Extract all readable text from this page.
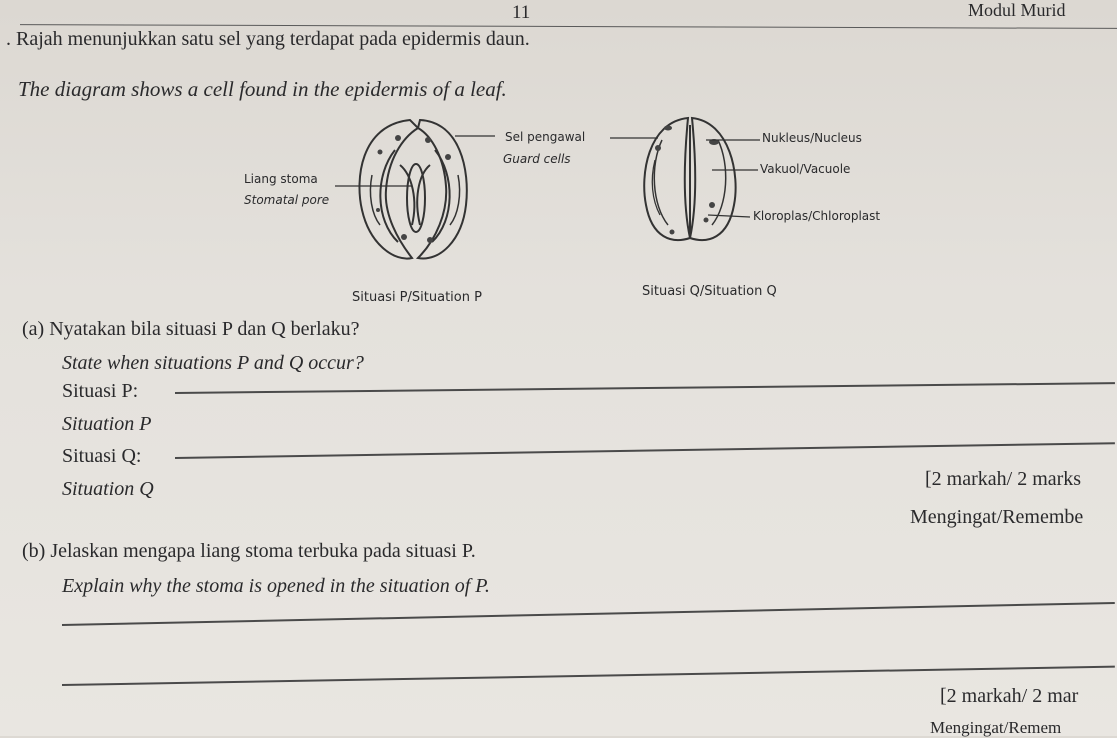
11	Modul Murid
. Rajah menunjukkan satu sel yang terdapat pada epidermis daun.
The diagram shows a cell found in the epidermis of a leaf.
Sel pengawal
Guard cells
Liang stoma
Stomatal pore
Nukleus/Nucleus
Vakuol/Vacuole
Kloroplas/Chloroplast
Situasi P/Situation P	Situasi Q/Situation Q
(a) Nyatakan bila situasi P dan Q berlaku?
State when situations P and Q occur?
Situasi P:
Situation P
Situasi Q:
Situation Q	[2 markah/ 2 marks
Mengingat/Remembe
(b) Jelaskan mengapa liang stoma terbuka pada situasi P.
Explain why the stoma is opened in the situation of P.
[2 markah/ 2 mar
Mengingat/Remem
